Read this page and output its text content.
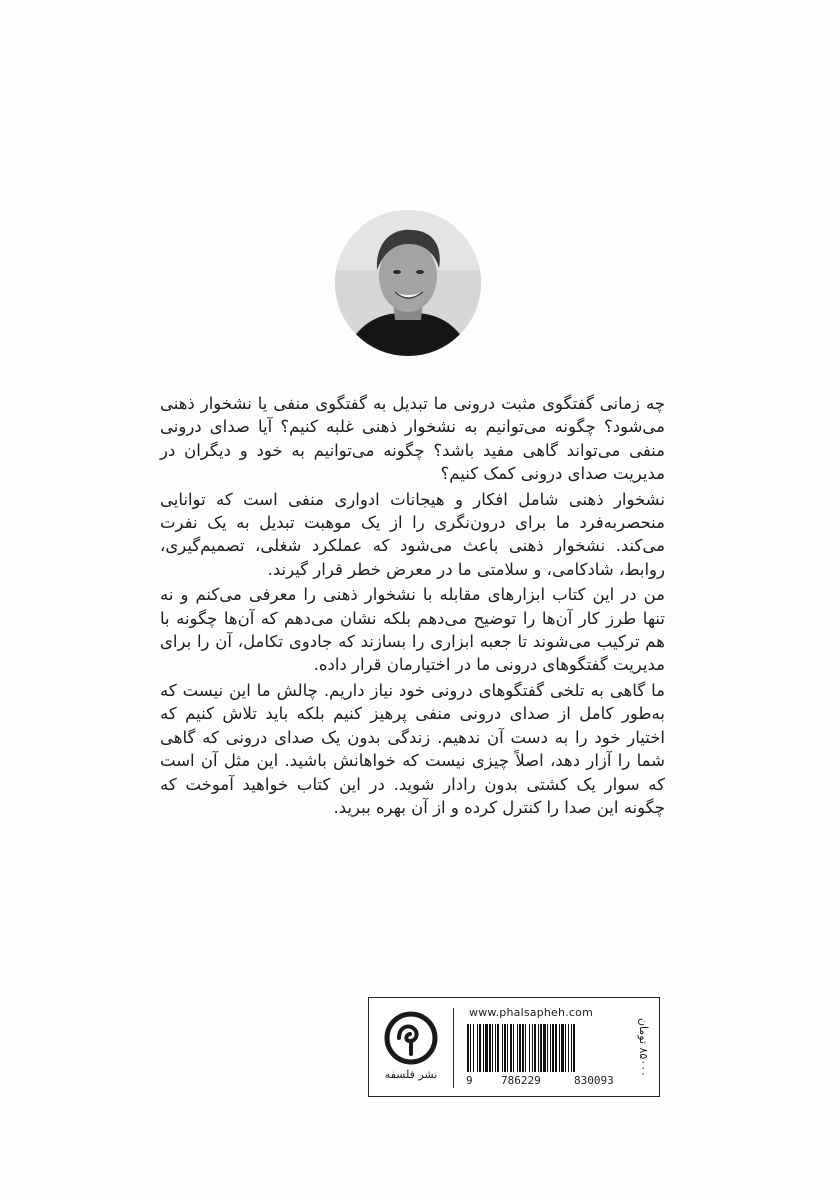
چه زمانی گفتگوی مثبت درونی ما تبدیل به گفتگوی منفی یا نشخوار ذهنی می‌شود؟ چگونه می‌توانیم به نشخوار ذهنی غلبه کنیم؟ آیا صدای درونی منفی می‌تواند گاهی مفید باشد؟ چگونه می‌توانیم به خود و دیگران در مدیریت صدای درونی کمک کنیم؟

نشخوار ذهنی شامل افکار و هیجانات ادواری منفی است که توانایی منحصربه‌فرد ما برای درون‌نگری را از یک موهبت تبدیل به یک نفرت می‌کند. نشخوار ذهنی باعث می‌شود که عملکرد شغلی، تصمیم‌گیری، روابط، شادکامی، و سلامتی ما در معرض خطر قرار گیرند.

من در این کتاب ابزارهای مقابله با نشخوار ذهنی را معرفی می‌کنم و نه تنها طرز کار آن‌ها را توضیح می‌دهم بلکه نشان می‌دهم که آن‌ها چگونه با هم ترکیب می‌شوند تا جعبه ابزاری را بسازند که جادوی تکامل، آن را برای مدیریت گفتگوهای درونی ما در اختیارمان قرار داده.

ما گاهی به تلخی گفتگوهای درونی خود نیاز داریم. چالش ما این نیست که به‌طور کامل از صدای درونی منفی پرهیز کنیم بلکه باید تلاش کنیم که اختیار خود را به دست آن ندهیم. زندگی بدون یک صدای درونی که گاهی شما را آزار دهد، اصلاً چیزی نیست که خواهانش باشید. این مثل آن است که سوار یک کشتی بدون رادار شوید. در این کتاب خواهید آموخت که چگونه این صدا را کنترل کرده و از آن بهره ببرید.

نشر فلسفه
www.phalsapheh.com
9	786229	830093
۸۵۰۰۰ تومان
